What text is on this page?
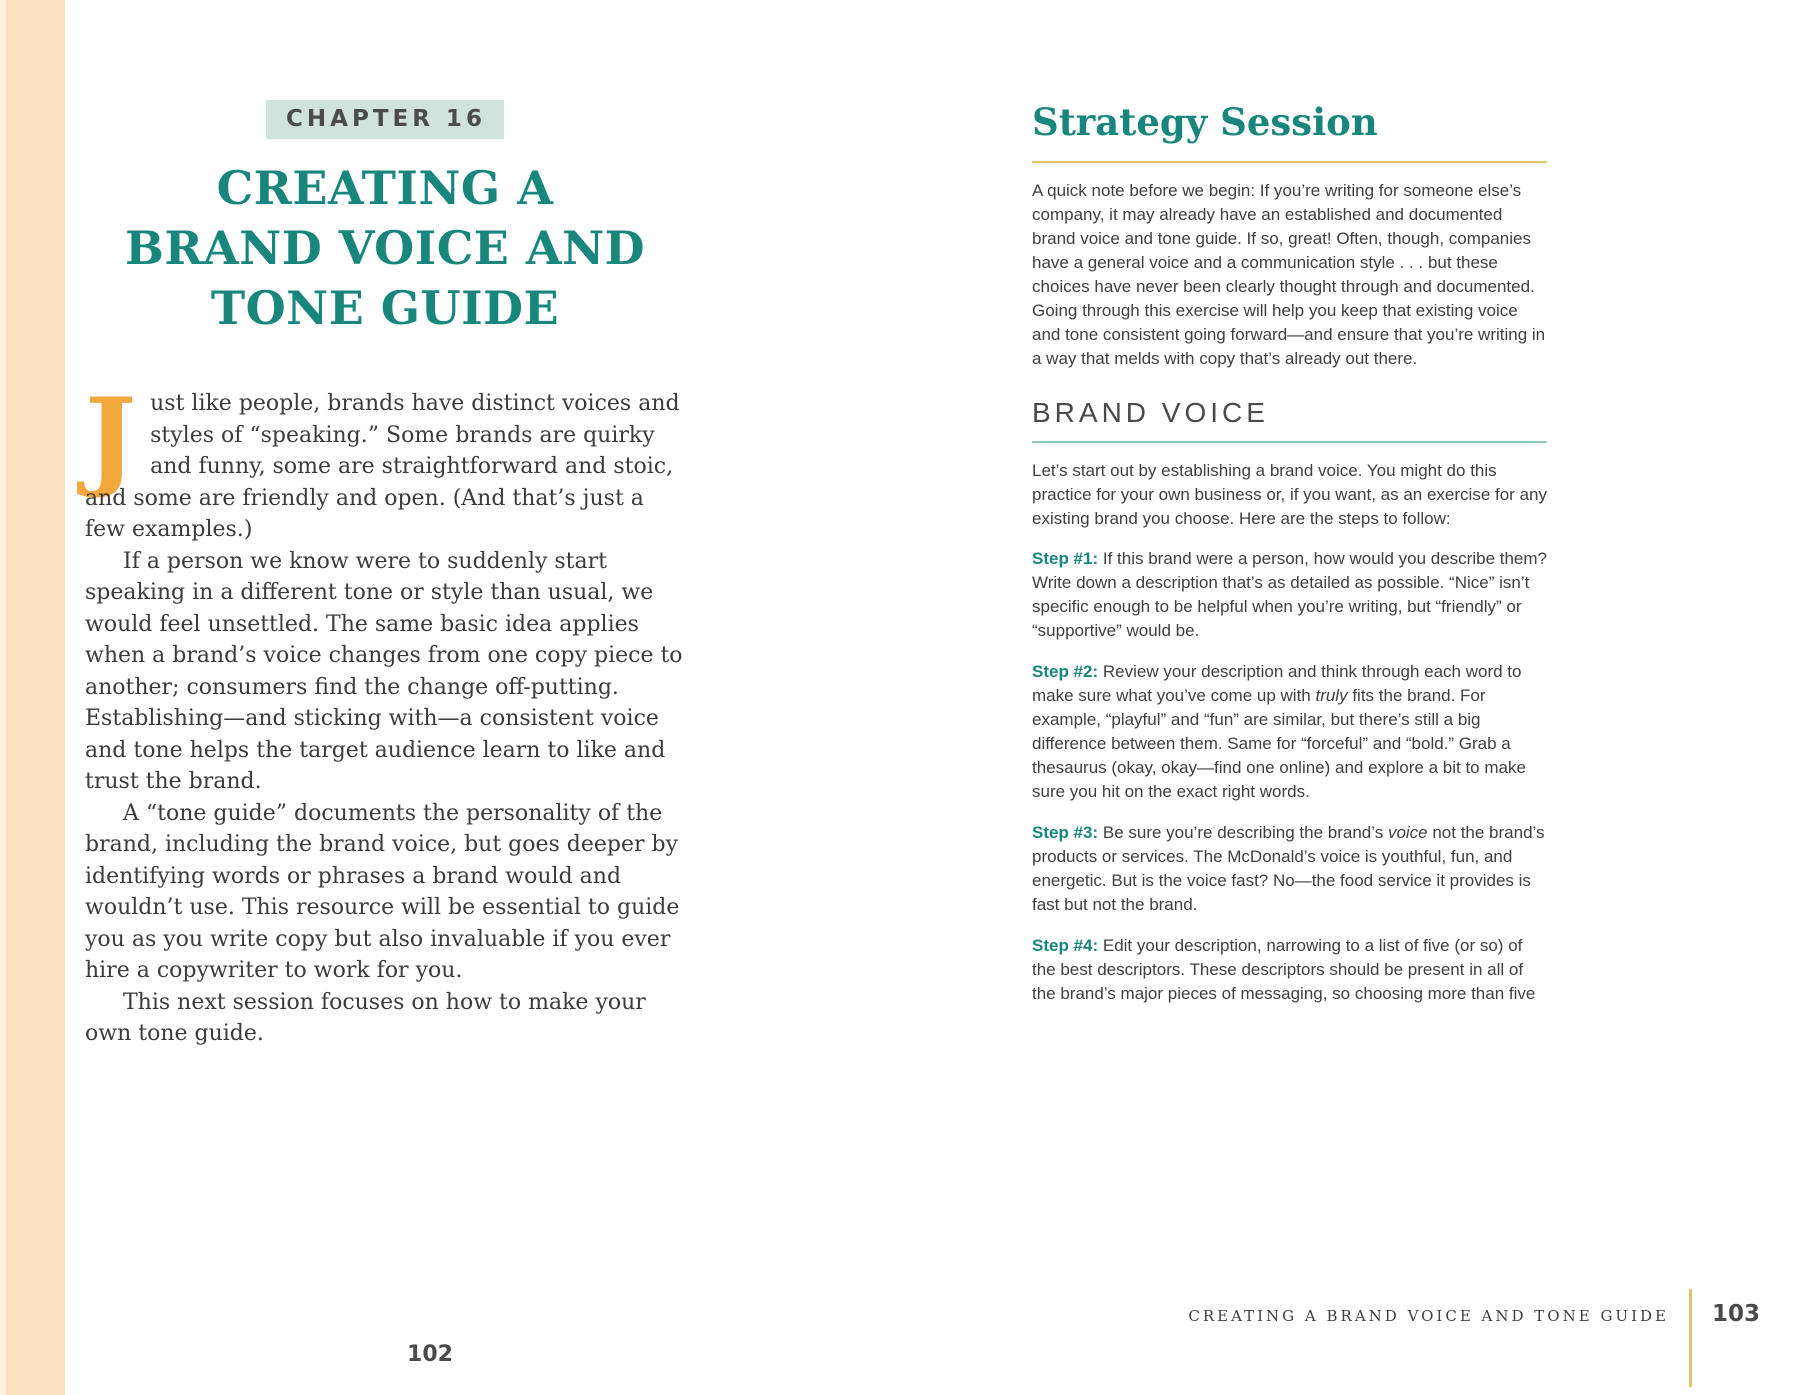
CHAPTER 16
CREATING A
BRAND VOICE AND
TONE GUIDE

Just like people, brands have distinct voices and styles of “speaking.” Some brands are quirky and funny, some are straightforward and stoic, and some are friendly and open. (And that’s just a few examples.)

If a person we know were to suddenly start speaking in a different tone or style than usual, we would feel unsettled. The same basic idea applies when a brand’s voice changes from one copy piece to another; consumers find the change off-putting. Establishing—and sticking with—a consistent voice and tone helps the target audience learn to like and trust the brand.

A “tone guide” documents the personality of the brand, including the brand voice, but goes deeper by identifying words or phrases a brand would and wouldn’t use. This resource will be essential to guide you as you write copy but also invaluable if you ever hire a copywriter to work for you.

This next session focuses on how to make your own tone guide.

102
Strategy Session

A quick note before we begin: If you’re writing for someone else’s company, it may already have an established and documented brand voice and tone guide. If so, great! Often, though, companies have a general voice and a communication style . . . but these choices have never been clearly thought through and documented. Going through this exercise will help you keep that existing voice and tone consistent going forward—and ensure that you’re writing in a way that melds with copy that’s already out there.

BRAND VOICE

Let’s start out by establishing a brand voice. You might do this practice for your own business or, if you want, as an exercise for any existing brand you choose. Here are the steps to follow:

Step #1: If this brand were a person, how would you describe them? Write down a description that’s as detailed as possible. “Nice” isn’t specific enough to be helpful when you’re writing, but “friendly” or “supportive” would be.

Step #2: Review your description and think through each word to make sure what you’ve come up with truly fits the brand. For example, “playful” and “fun” are similar, but there’s still a big difference between them. Same for “forceful” and “bold.” Grab a thesaurus (okay, okay—find one online) and explore a bit to make sure you hit on the exact right words.

Step #3: Be sure you’re describing the brand’s voice not the brand’s products or services. The McDonald’s voice is youthful, fun, and energetic. But is the voice fast? No—the food service it provides is fast but not the brand.

Step #4: Edit your description, narrowing to a list of five (or so) of the best descriptors. These descriptors should be present in all of the brand’s major pieces of messaging, so choosing more than five

CREATING A BRAND VOICE AND TONE GUIDE 103
